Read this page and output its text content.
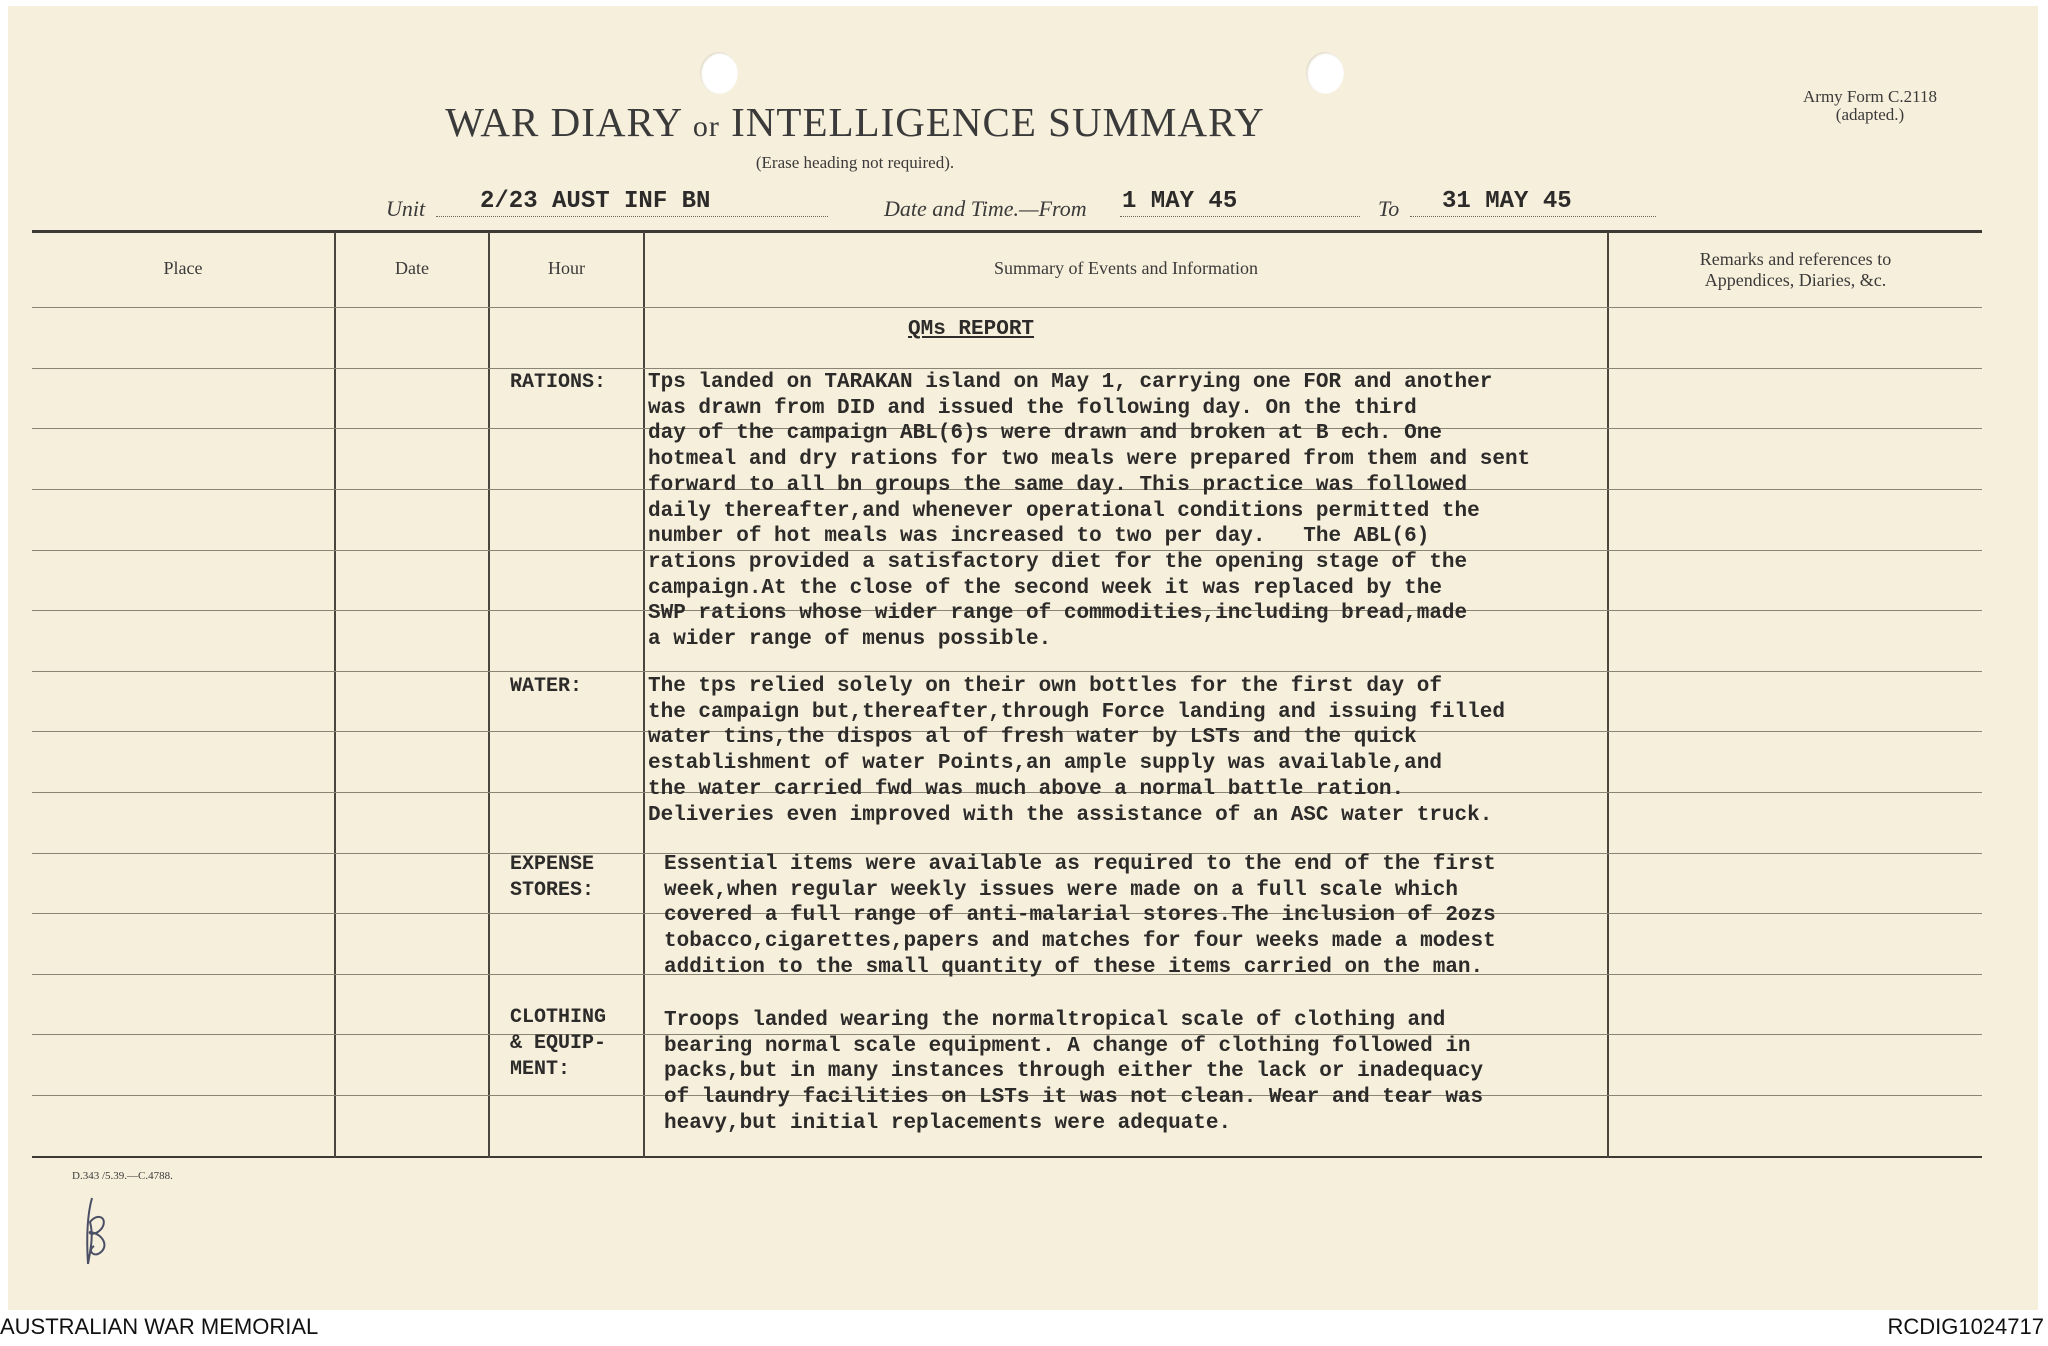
WAR DIARY or INTELLIGENCE SUMMARY
(Erase heading not required).
Army Form C.2118
(adapted.)
Unit 2/23 AUST INF BN	Date and Time.—From 1 MAY 45	To 31 MAY 45
Place	Date	Hour	Summary of Events and Information	Remarks and references to
Appendices, Diaries, &c.
QMs REPORT
RATIONS: Tps landed on TARAKAN island on May 1, carrying one FOR and another
was drawn from DID and issued the following day. On the third
day of the campaign ABL(6)s were drawn and broken at B ech. One
hotmeal and dry rations for two meals were prepared from them and sent
forward to all bn groups the same day. This practice was followed
daily thereafter,and whenever operational conditions permitted the
number of hot meals was increased to two per day.   The ABL(6)
rations provided a satisfactory diet for the opening stage of the
campaign.At the close of the second week it was replaced by the
SWP rations whose wider range of commodities,including bread,made
a wider range of menus possible.
WATER:	The tps relied solely on their own bottles for the first day of
the campaign but,thereafter,through Force landing and issuing filled
water tins,the dispos al of fresh water by LSTs and the quick
establishment of water Points,an ample supply was available,and
the water carried fwd was much above a normal battle ration.
Deliveries even improved with the assistance of an ASC water truck.
EXPENSE
STORES:
Essential items were available as required to the end of the first
week,when regular weekly issues were made on a full scale which
covered a full range of anti-malarial stores.The inclusion of 2ozs
tobacco,cigarettes,papers and matches for four weeks made a modest
addition to the small quantity of these items carried on the man.
CLOTHING
& EQUIP-
MENT:
Troops landed wearing the normaltropical scale of clothing and
bearing normal scale equipment. A change of clothing followed in
packs,but in many instances through either the lack or inadequacy
of laundry facilities on LSTs it was not clean. Wear and tear was
heavy,but initial replacements were adequate.
D.343 /5.39.—C.4788.
AUSTRALIAN WAR MEMORIAL	RCDIG1024717
